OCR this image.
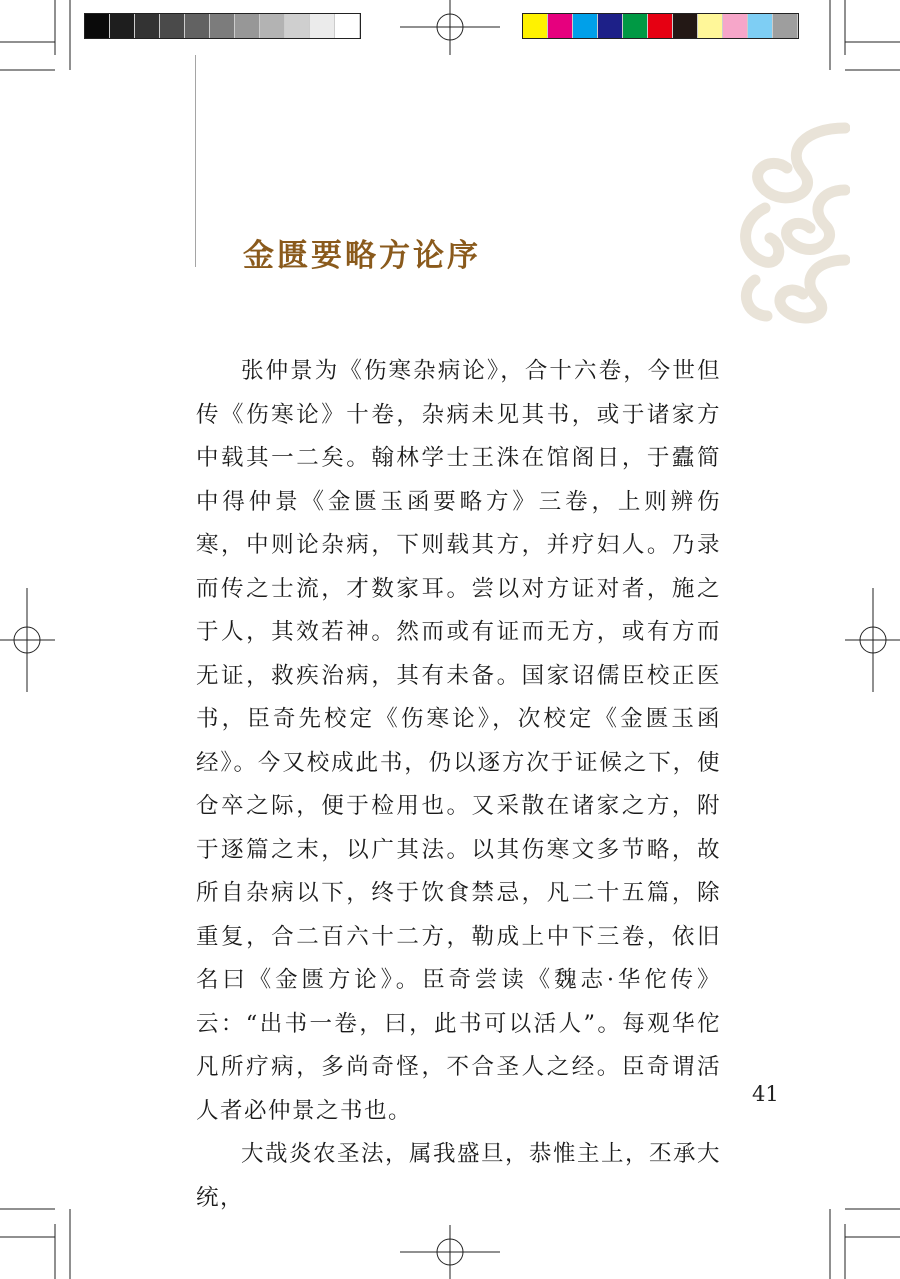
金匮要略方论序

张仲景为《伤寒杂病论》，合十六卷，今世但传《伤寒论》十卷，杂病未见其书，或于诸家方中载其一二矣。翰林学士王洙在馆阁日，于蠹简中得仲景《金匮玉函要略方》三卷，上则辨伤寒，中则论杂病，下则载其方，并疗妇人。乃录而传之士流，才数家耳。尝以对方证对者，施之于人，其效若神。然而或有证而无方，或有方而无证，救疾治病，其有未备。国家诏儒臣校正医书，臣奇先校定《伤寒论》，次校定《金匮玉函经》。今又校成此书，仍以逐方次于证候之下，使仓卒之际，便于检用也。又采散在诸家之方，附于逐篇之末，以广其法。以其伤寒文多节略，故所自杂病以下，终于饮食禁忌，凡二十五篇，除重复，合二百六十二方，勒成上中下三卷，依旧名曰《金匮方论》。臣奇尝读《魏志·华佗传》云：“出书一卷，曰，此书可以活人”。每观华佗凡所疗病，多尚奇怪，不合圣人之经。臣奇谓活人者必仲景之书也。

大哉炎农圣法，属我盛旦，恭惟主上，丕承大统，

41
